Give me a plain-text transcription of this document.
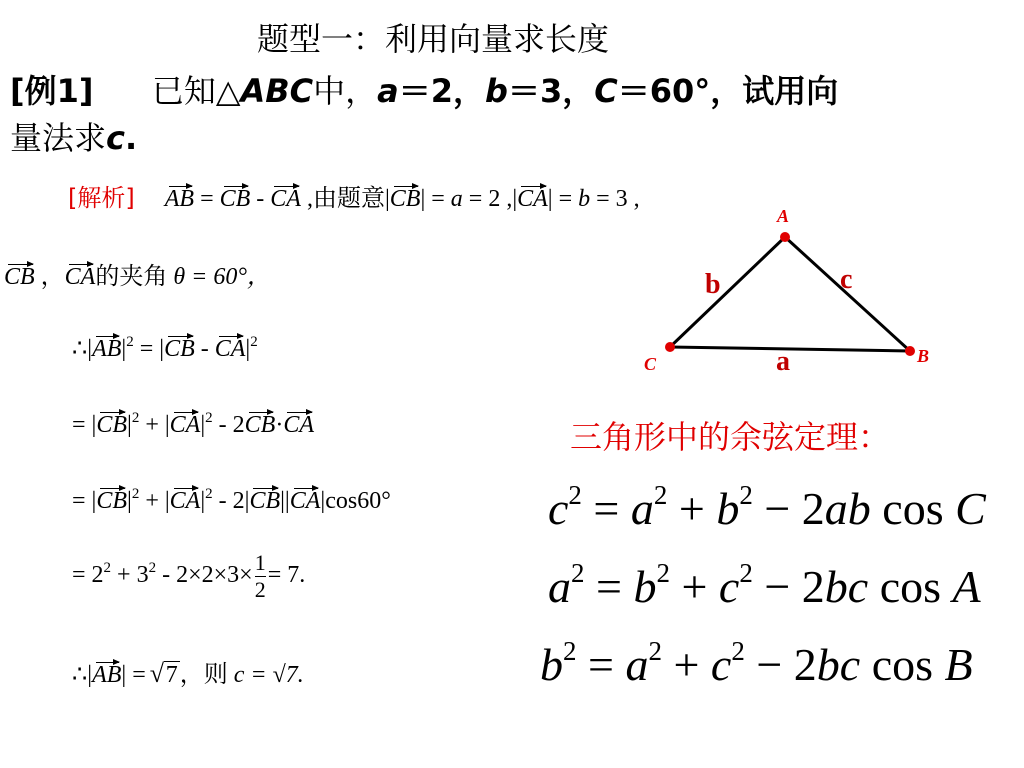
题型一：利用向量求长度
[例1] 已知△ABC中，a＝2，b＝3，C＝60°，试用向
量法求c.
[解析] AB = CB - CA ,由题意|CB| = a = 2 ,|CA| = b = 3 ,
CB ，CA的夹角 θ = 60°，
$\therefore|AB|^2 = |CB - CA|^2$
= $|CB|^2 + |CA|^2 - 2CB\cdot CA$
= $|CB|^2 + |CA|^2 - 2|CB||CA|\cos 60^\circ$
= $2^2 + 3^2 - 2\times 2\times 3\times \frac{1}{2} = 7$.
∴|AB| = √ 7，则 c = √7.
A
C	B
b	c
a
三角形中的余弦定理：
$c^2 = a^2 + b^2 - 2ab$ cos C
$a^2 = b^2 + c^2 - 2bc$ cos A
$b^2 = a^2 + c^2 - 2bc$ cos B
